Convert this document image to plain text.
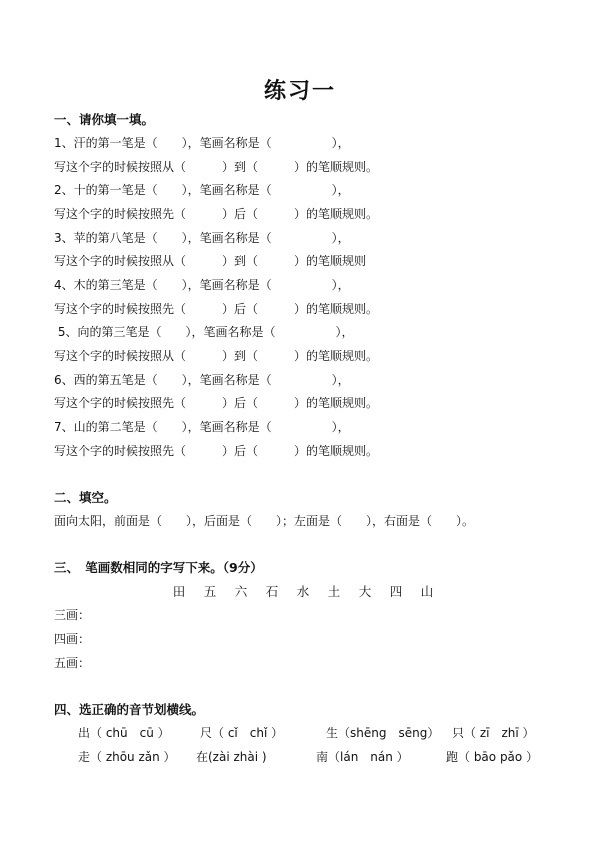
练习一
一、请你填一填。
1、汗的第一笔是（　　），笔画名称是（　　　　　），
写这个字的时候按照从（　　　）到（　　　）的笔顺规则。
2、十的第一笔是（　　），笔画名称是（　　　　　），
写这个字的时候按照先（　　　）后（　　　）的笔顺规则。
3、苹的第八笔是（　　），笔画名称是（　　　　　），
写这个字的时候按照从（　　　）到（　　　）的笔顺规则
4、木的第三笔是（　　），笔画名称是（　　　　　），
写这个字的时候按照先（　　　）后（　　　）的笔顺规则。
5、向的第三笔是（　　），笔画名称是（　　　　　），
写这个字的时候按照从（　　　）到（　　　）的笔顺规则。
6、西的第五笔是（　　），笔画名称是（　　　　　），
写这个字的时候按照先（　　　）后（　　　）的笔顺规则。
7、山的第二笔是（　　），笔画名称是（　　　　　），
写这个字的时候按照先（　　　）后（　　　）的笔顺规则。
二、填空。
面向太阳，前面是（　　），后面是（　　）；左面是（　　），右面是（　　）。
三、　笔画数相同的字写下来。（9分）
田	五	六	石	水	土	大	四	山
三画：
四画：
五画：
四、选正确的音节划横线。
出（ chū　cū ）	尺（ cǐ　chǐ ）	生（shēng　sēng） 只（ zī　zhī ）
走（ zhōu zǎn ） 在(zài zhài )	南（lán　nán ）	跑（ bāo pǎo ）
